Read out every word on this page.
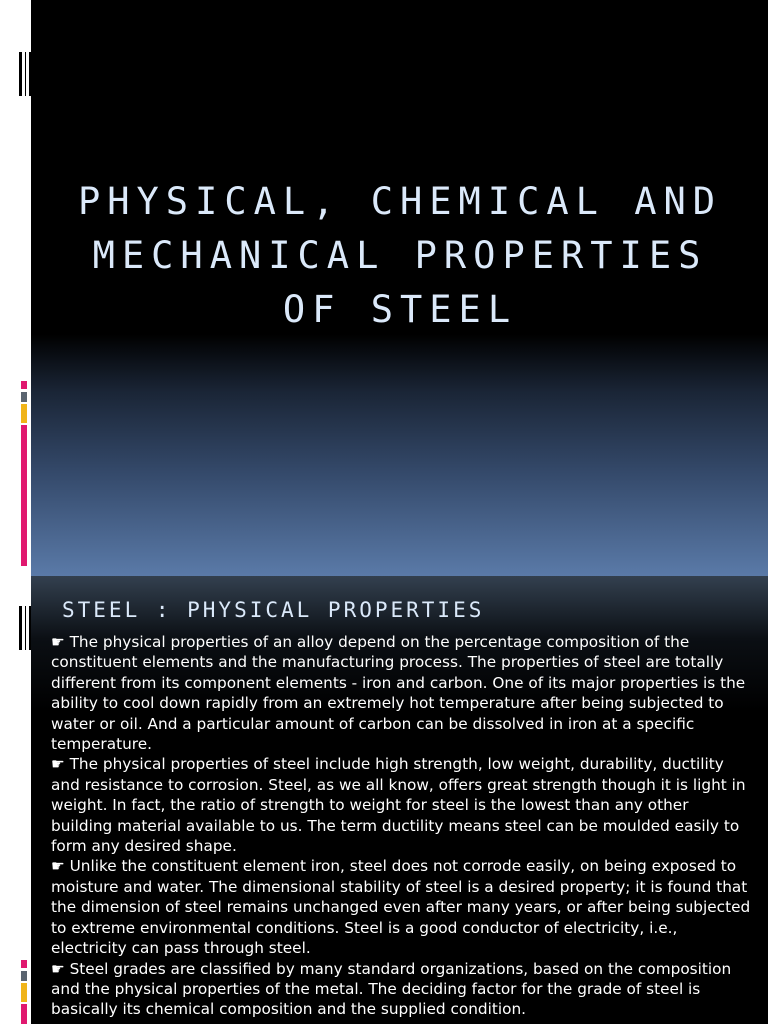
PHYSICAL, CHEMICAL AND MECHANICAL PROPERTIES OF STEEL
STEEL : PHYSICAL PROPERTIES

☛ The physical properties of an alloy depend on the percentage composition of the constituent elements and the manufacturing process. The properties of steel are totally different from its component elements - iron and carbon. One of its major properties is the ability to cool down rapidly from an extremely hot temperature after being subjected to water or oil. And a particular amount of carbon can be dissolved in iron at a specific temperature.

☛ The physical properties of steel include high strength, low weight, durability, ductility and resistance to corrosion. Steel, as we all know, offers great strength though it is light in weight. In fact, the ratio of strength to weight for steel is the lowest than any other building material available to us. The term ductility means steel can be moulded easily to form any desired shape.

☛ Unlike the constituent element iron, steel does not corrode easily, on being exposed to moisture and water. The dimensional stability of steel is a desired property; it is found that the dimension of steel remains unchanged even after many years, or after being subjected to extreme environmental conditions. Steel is a good conductor of electricity, i.e., electricity can pass through steel.

☛ Steel grades are classified by many standard organizations, based on the composition and the physical properties of the metal. The deciding factor for the grade of steel is basically its chemical composition and the supplied condition.
